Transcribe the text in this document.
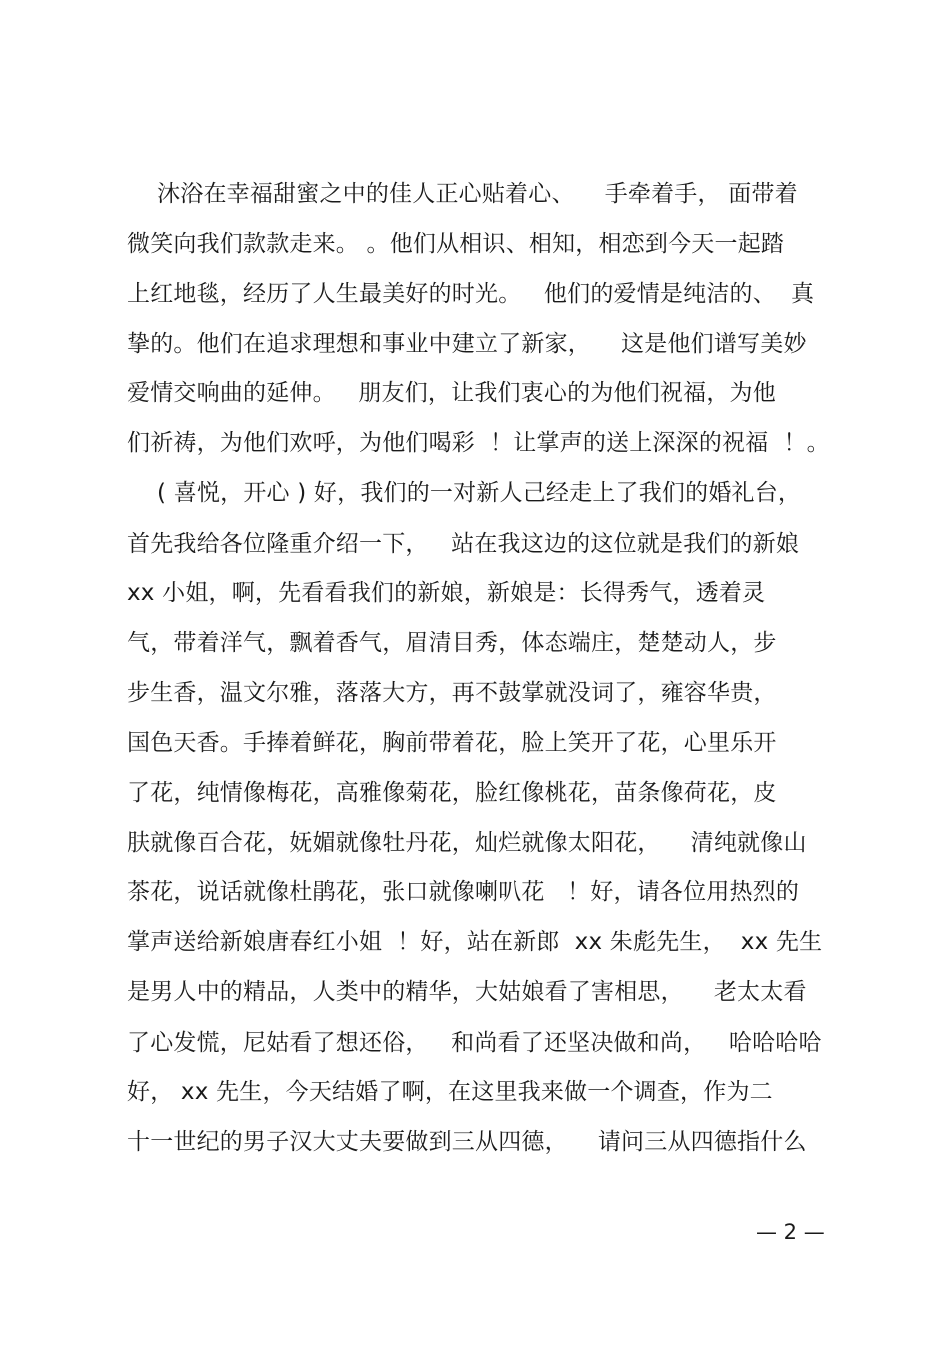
沐浴在幸福甜蜜之中的佳人正心贴着心、    手牵着手， 面带着
微笑向我们款款走来。 。他们从相识、相知，相恋到今天一起踏
上红地毯，经历了人生最美好的时光。   他们的爱情是纯洁的、  真
挚的。他们在追求理想和事业中建立了新家，    这是他们谱写美妙
爱情交响曲的延伸。   朋友们，让我们衷心的为他们祝福，为他
们祈祷，为他们欢呼，为他们喝彩  ！让掌声的送上深深的祝福  ！。
( 喜悦，开心 ) 好，我们的一对新人己经走上了我们的婚礼台，
首先我给各位隆重介绍一下，   站在我这边的这位就是我们的新娘
xx 小姐，啊，先看看我们的新娘，新娘是：长得秀气，透着灵
气，带着洋气，飘着香气，眉清目秀，体态端庄，楚楚动人，步
步生香，温文尔雅，落落大方，再不鼓掌就没词了，雍容华贵，
国色天香。手捧着鲜花，胸前带着花，脸上笑开了花，心里乐开
了花，纯情像梅花，高雅像菊花，脸红像桃花，苗条像荷花，皮
肤就像百合花，妩媚就像牡丹花，灿烂就像太阳花，    清纯就像山
茶花，说话就像杜鹃花，张口就像喇叭花   ！好，请各位用热烈的
掌声送给新娘唐春红小姐  ！好，站在新郎  xx 朱彪先生，  xx 先生
是男人中的精品，人类中的精华，大姑娘看了害相思，    老太太看
了心发慌，尼姑看了想还俗，   和尚看了还坚决做和尚，   哈哈哈哈
好， xx 先生，今天结婚了啊，在这里我来做一个调查，作为二
十一世纪的男子汉大丈夫要做到三从四德，    请问三从四德指什么
— 2 —
